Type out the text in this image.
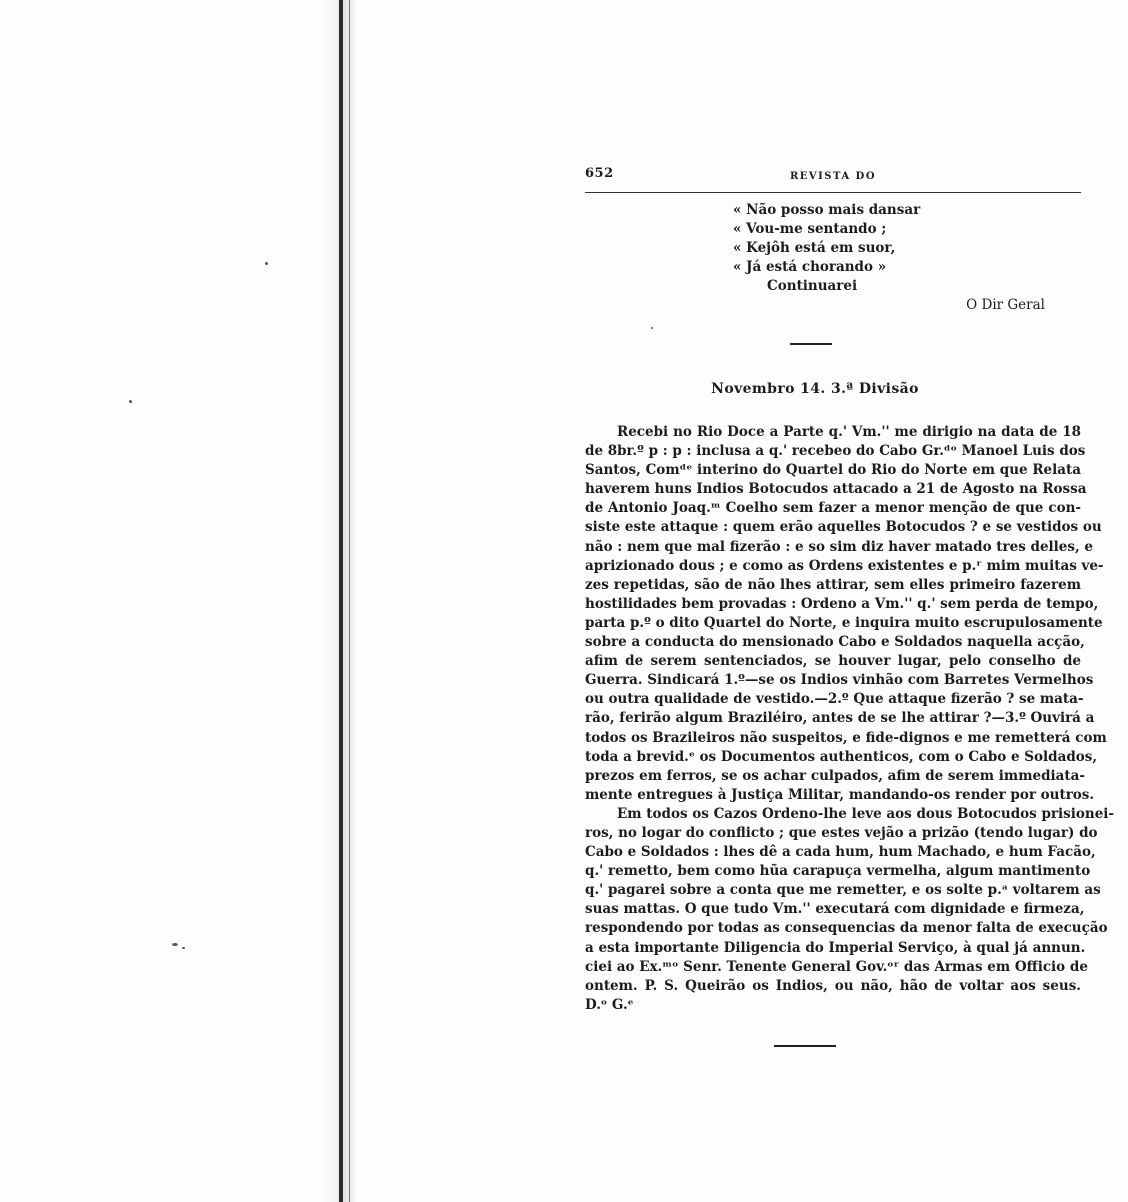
652	REVISTA DO
« Não posso mais dansar
« Vou-me sentando ;
« Kejôh está em suor,
« Já está chorando »
Continuarei
O Dir Geral
Novembro 14. 3.ª Divisão

Recebi no Rio Doce a Parte q.' Vm.'' me dirigio na data de 18
de 8br.º p : p : inclusa a q.' recebeo do Cabo Gr.ᵈᵒ Manoel Luis dos
Santos, Comᵈᵉ interino do Quartel do Rio do Norte em que Relata
haverem huns Indios Botocudos attacado a 21 de Agosto na Rossa
de Antonio Joaq.ᵐ Coelho sem fazer a menor menção de que con-
siste este attaque : quem erão aquelles Botocudos ? e se vestidos ou
não : nem que mal fizerão : e so sim diz haver matado tres delles, e
aprizionado dous ; e como as Ordens existentes e p.ʳ mim muitas ve-
zes repetidas, são de não lhes attirar, sem elles primeiro fazerem
hostilidades bem provadas : Ordeno a Vm.'' q.' sem perda de tempo,
parta p.º o dito Quartel do Norte, e inquira muito escrupulosamente
sobre a conducta do mensionado Cabo e Soldados naquella acção,
afim de serem sentenciados, se houver lugar, pelo conselho de
Guerra. Sindicará 1.º—se os Indios vinhão com Barretes Vermelhos
ou outra qualidade de vestido.—2.º Que attaque fizerão ? se mata-
rão, ferirão algum Braziléiro, antes de se lhe attirar ?—3.º Ouvirá a
todos os Brazileiros não suspeitos, e fide-dignos e me remetterá com
toda a brevid.ᵉ os Documentos authenticos, com o Cabo e Soldados,
prezos em ferros, se os achar culpados, afim de serem immediata-
mente entregues à Justiça Militar, mandando-os render por outros.

Em todos os Cazos Ordeno-lhe leve aos dous Botocudos prisionei-
ros, no logar do conflicto ; que estes vejão a prizão (tendo lugar) do
Cabo e Soldados : lhes dê a cada hum, hum Machado, e hum Facão,
q.' remetto, bem como hũa carapuça vermelha, algum mantimento
q.' pagarei sobre a conta que me remetter, e os solte p.ᵃ voltarem as
suas mattas. O que tudo Vm.'' executará com dignidade e firmeza,
respondendo por todas as consequencias da menor falta de execução
a esta importante Diligencia do Imperial Serviço, à qual já annun.
ciei ao Ex.ᵐᵒ Senr. Tenente General Gov.ᵒʳ das Armas em Officio de
ontem. P. S. Queirão os Indios, ou não, hão de voltar aos seus.
D.ᵒ G.ᵉ
